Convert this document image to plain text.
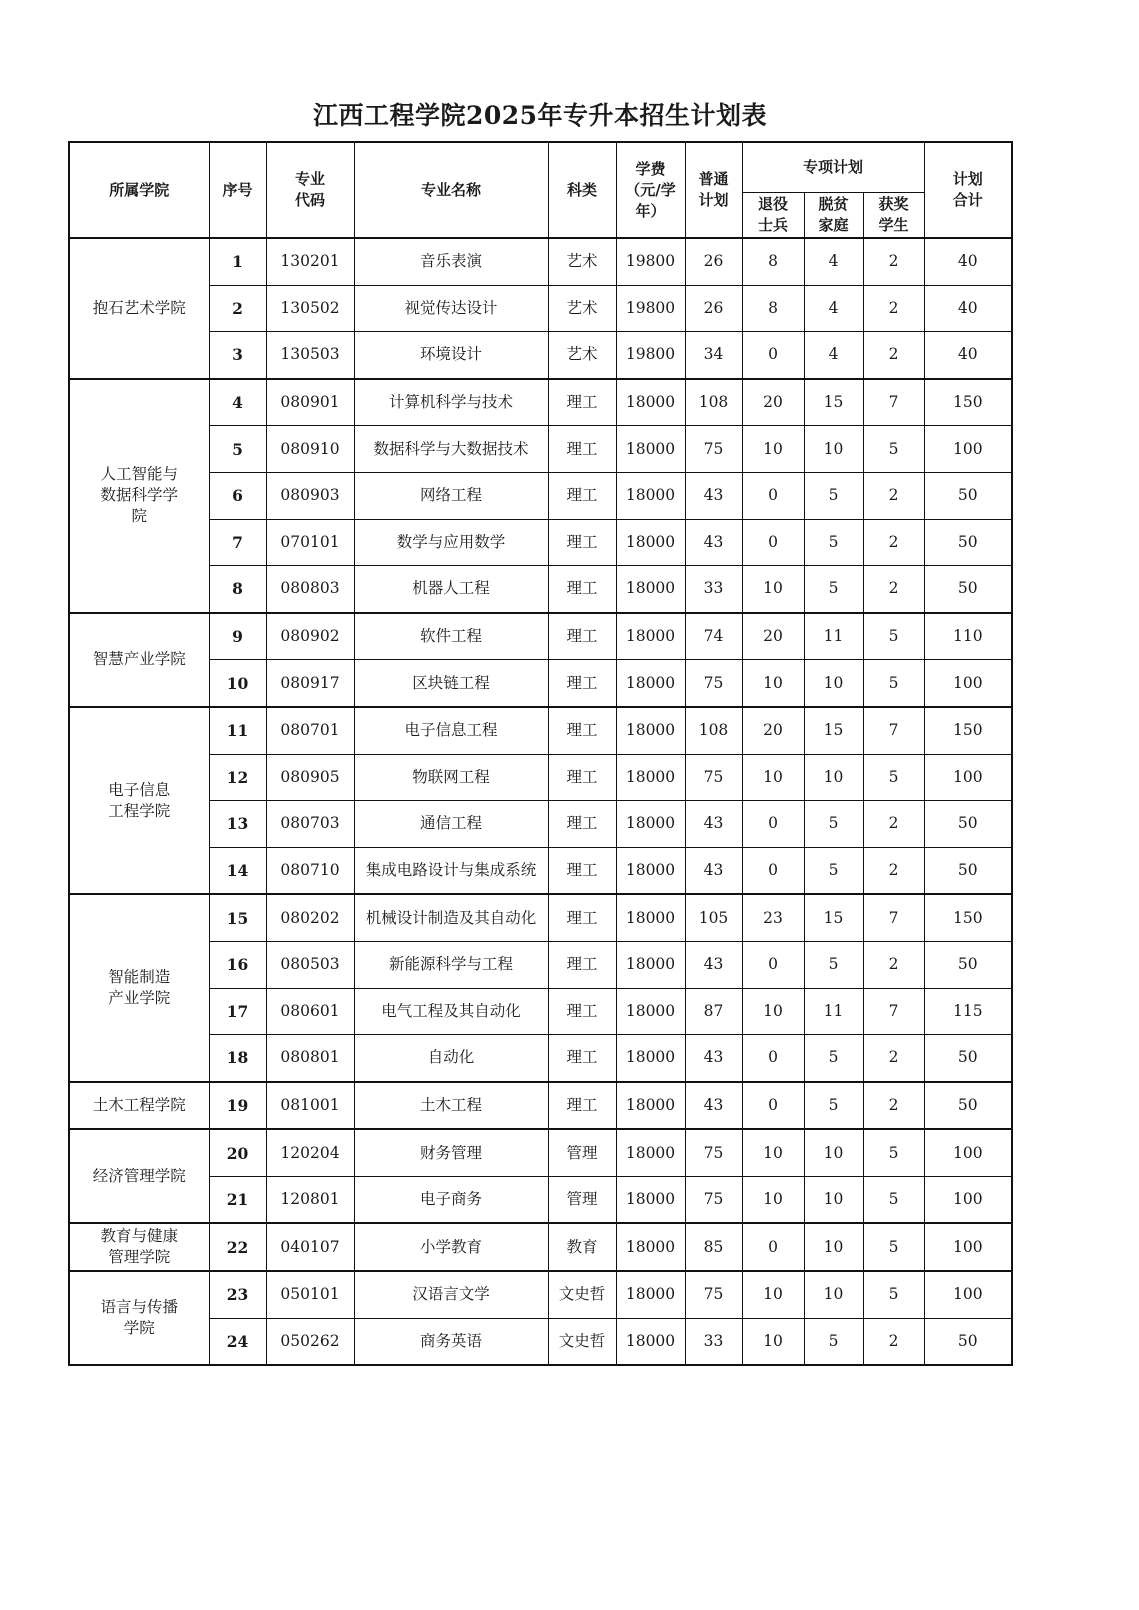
江西工程学院2025年专升本招生计划表
所属学院	序号	专业代码	专业名称	科类	学费（元/学年）	普通计划	专项计划			计划合计

							退役士兵	脱贫家庭	获奖学生	

抱石艺术学院	1	130201	音乐表演	艺术	19800	26	8	4	2	40
	2	130502	视觉传达设计	艺术	19800	26	8	4	2	40
	3	130503	环境设计	艺术	19800	34	0	4	2	40

人工智能与数据科学学院	4	080901	计算机科学与技术	理工	18000	108	20	15	7	150
	5	080910	数据科学与大数据技术	理工	18000	75	10	10	5	100
	6	080903	网络工程	理工	18000	43	0	5	2	50
	7	070101	数学与应用数学	理工	18000	43	0	5	2	50
	8	080803	机器人工程	理工	18000	33	10	5	2	50

智慧产业学院	9	080902	软件工程	理工	18000	74	20	11	5	110
	10	080917	区块链工程	理工	18000	75	10	10	5	100

电子信息工程学院	11	080701	电子信息工程	理工	18000	108	20	15	7	150
	12	080905	物联网工程	理工	18000	75	10	10	5	100
	13	080703	通信工程	理工	18000	43	0	5	2	50
	14	080710	集成电路设计与集成系统	理工	18000	43	0	5	2	50

智能制造产业学院	15	080202	机械设计制造及其自动化	理工	18000	105	23	15	7	150
	16	080503	新能源科学与工程	理工	18000	43	0	5	2	50
	17	080601	电气工程及其自动化	理工	18000	87	10	11	7	115
	18	080801	自动化	理工	18000	43	0	5	2	50

土木工程学院	19	081001	土木工程	理工	18000	43	0	5	2	50

经济管理学院	20	120204	财务管理	管理	18000	75	10	10	5	100
	21	120801	电子商务	管理	18000	75	10	10	5	100

教育与健康管理学院	22	040107	小学教育	教育	18000	85	0	10	5	100

语言与传播学院	23	050101	汉语言文学	文史哲	18000	75	10	10	5	100
	24	050262	商务英语	文史哲	18000	33	10	5	2	50
